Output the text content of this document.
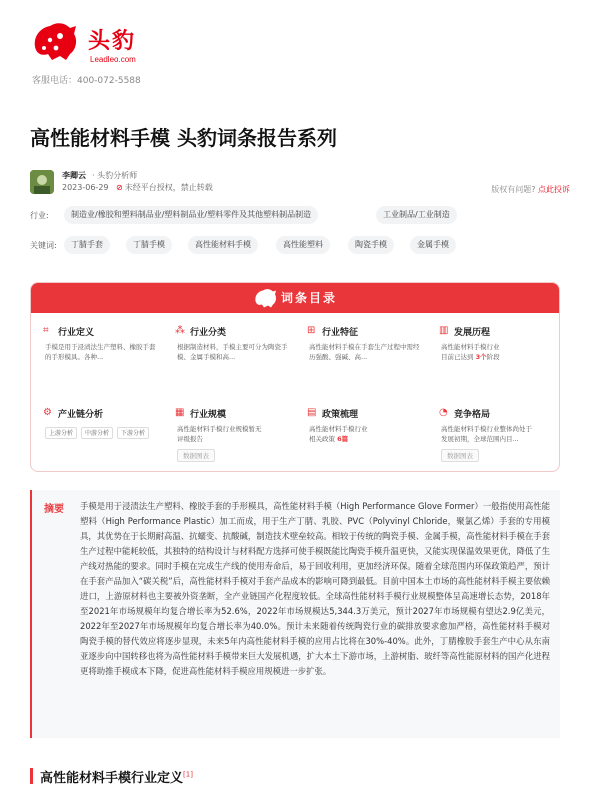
头豹
Leadleo.com
客服电话：400-072-5588
高性能材料手模 头豹词条报告系列
李卿云 · 头豹分析师
2023-06-29 ⊘ 未经平台授权，禁止转载	版权有问题? 点此投诉
行业:	制造业/橡胶和塑料制品业/塑料制品业/塑料零件及其他塑料制品制造	工业制品/工业制造
关键词:	丁腈手套	丁腈手模	高性能材料手模	高性能塑料	陶瓷手模	金属手模
词条目录
⌗ 行业定义
手模是用于浸渍法生产塑料、橡胶手套的手形模具。各种...
⁂ 行业分类
根据制造材料，手模主要可分为陶瓷手模、金属手模和高...
⊞ 行业特征
高性能材料手模在手套生产过程中需经历强酸、强碱、高...
▥ 发展历程
高性能材料手模行业
目前已达到 3个阶段
⚙ 产业链分析
上游分析	中游分析	下游分析
▦ 行业规模
高性能材料手模行业规模暂无评级报告
数据图表
▤ 政策梳理
高性能材料手模行业
相关政策 6篇
◔ 竞争格局
高性能材料手模行业整体尚处于发展初期，全球范围内目...
数据图表
摘要 手模是用于浸渍法生产塑料、橡胶手套的手形模具，高性能材料手模（High Performance Glove Former）一般指使用高性能塑料（High Performance Plastic）加工而成，用于生产丁腈、乳胶、PVC（Polyvinyl Chloride，聚氯乙烯）手套的专用模具，其优势在于长期耐高温、抗蠕变、抗酸碱，制造技术壁垒较高。相较于传统的陶瓷手模、金属手模，高性能材料手模在手套生产过程中能耗较低，其独特的结构设计与材料配方选择可使手模既能比陶瓷手模升温更快，又能实现保温效果更优，降低了生产线对热能的要求。同时手模在完成生产线的使用寿命后，易于回收利用，更加经济环保。随着全球范围内环保政策趋严，预计在手套产品加入“碳关税”后，高性能材料手模对手套产品成本的影响可降到最低。目前中国本土市场的高性能材料手模主要依赖进口，上游原材料也主要被外资垄断，全产业链国产化程度较低。全球高性能材料手模行业规模整体呈高速增长态势，2018年至2021年市场规模年均复合增长率为52.6%，2022年市场规模达5,344.3万美元，预计2027年市场规模有望达2.9亿美元，2022年至2027年市场规模年均复合增长率为40.0%。预计未来随着传统陶瓷行业的碳排放要求愈加严格，高性能材料手模对陶瓷手模的替代效应将逐步显现，未来5年内高性能材料手模的应用占比将在30%-40%。此外，丁腈橡胶手套生产中心从东南亚逐步向中国转移也将为高性能材料手模带来巨大发展机遇，扩大本土下游市场，上游树脂、玻纤等高性能原材料的国产化进程更将助推手模成本下降，促进高性能材料手模应用规模进一步扩张。
高性能材料手模行业定义[1]
